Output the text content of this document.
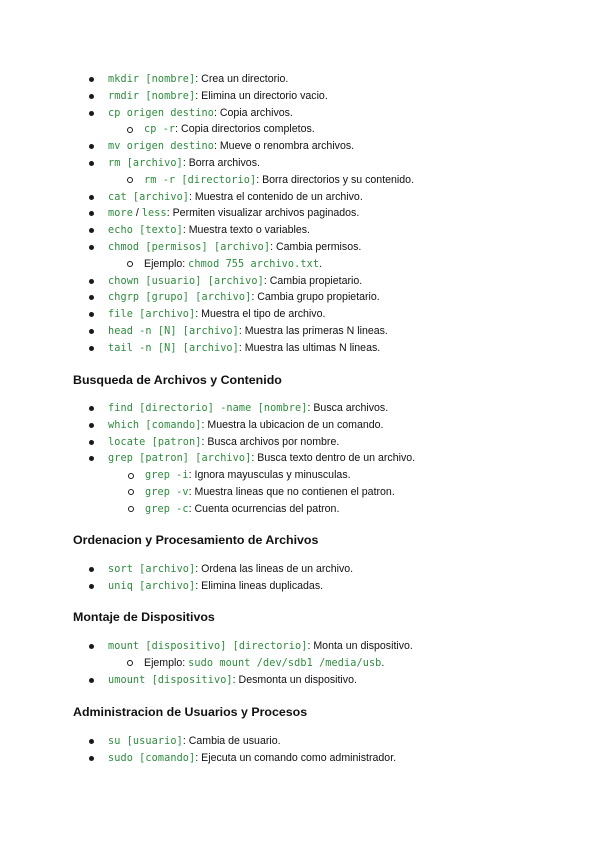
mkdir [nombre]: Crea un directorio.
rmdir [nombre]: Elimina un directorio vacio.
cp origen destino: Copia archivos.
cp -r: Copia directorios completos.
mv origen destino: Mueve o renombra archivos.
rm [archivo]: Borra archivos.
rm -r [directorio]: Borra directorios y su contenido.
cat [archivo]: Muestra el contenido de un archivo.
more / less: Permiten visualizar archivos paginados.
echo [texto]: Muestra texto o variables.
chmod [permisos] [archivo]: Cambia permisos.
Ejemplo: chmod 755 archivo.txt.
chown [usuario] [archivo]: Cambia propietario.
chgrp [grupo] [archivo]: Cambia grupo propietario.
file [archivo]: Muestra el tipo de archivo.
head -n [N] [archivo]: Muestra las primeras N lineas.
tail -n [N] [archivo]: Muestra las ultimas N lineas.
Busqueda de Archivos y Contenido
find [directorio] -name [nombre]: Busca archivos.
which [comando]: Muestra la ubicacion de un comando.
locate [patron]: Busca archivos por nombre.
grep [patron] [archivo]: Busca texto dentro de un archivo.
grep -i: Ignora mayusculas y minusculas.
grep -v: Muestra lineas que no contienen el patron.
grep -c: Cuenta ocurrencias del patron.
Ordenacion y Procesamiento de Archivos
sort [archivo]: Ordena las lineas de un archivo.
uniq [archivo]: Elimina lineas duplicadas.
Montaje de Dispositivos
mount [dispositivo] [directorio]: Monta un dispositivo.
Ejemplo: sudo mount /dev/sdb1 /media/usb.
umount [dispositivo]: Desmonta un dispositivo.
Administracion de Usuarios y Procesos
su [usuario]: Cambia de usuario.
sudo [comando]: Ejecuta un comando como administrador.
